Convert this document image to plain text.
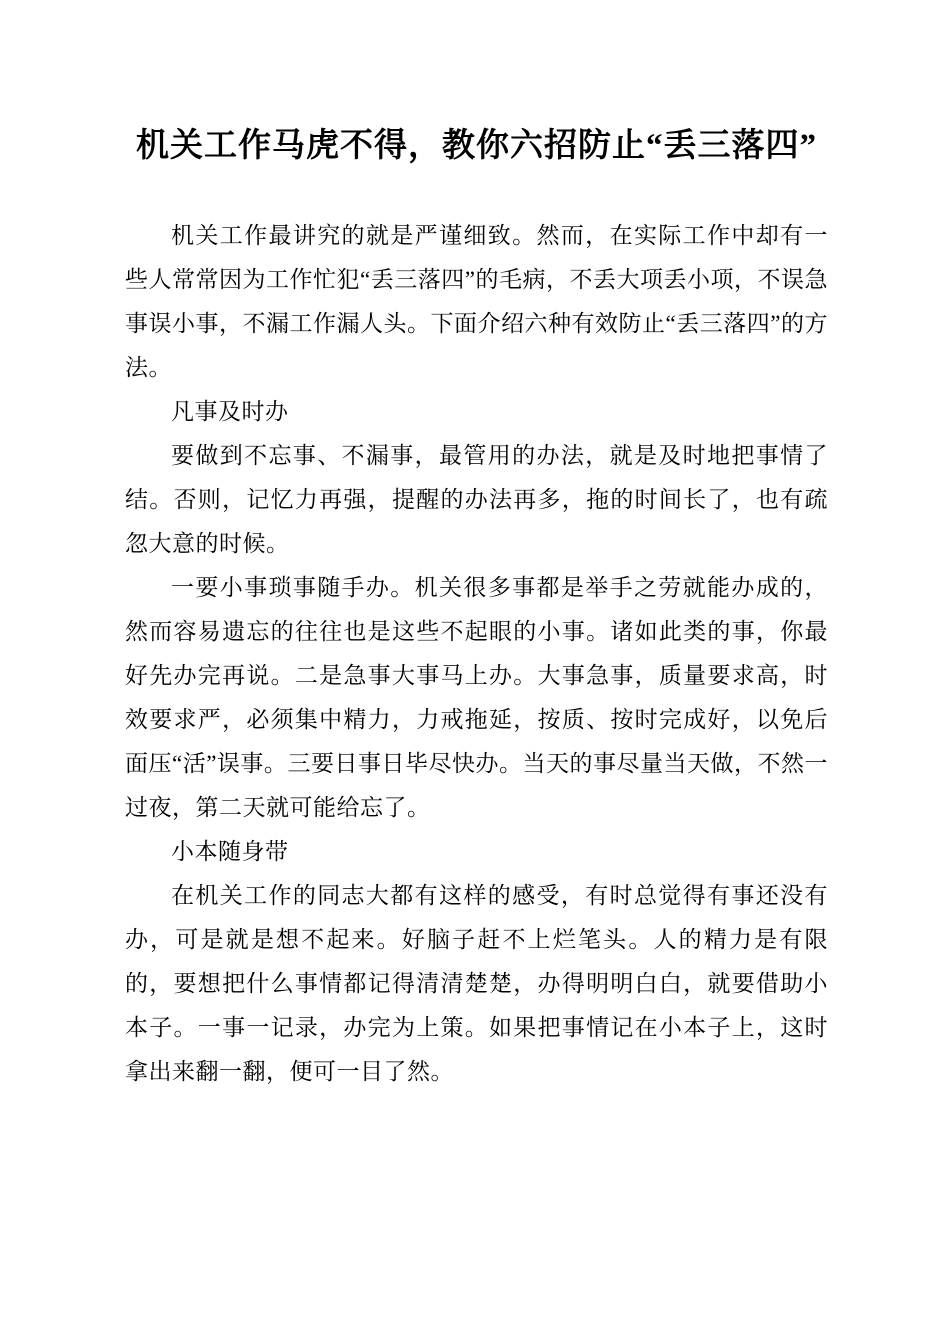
机关工作马虎不得，教你六招防止“丢三落四”

机关工作最讲究的就是严谨细致。然而，在实际工作中却有一些人常常因为工作忙犯“丢三落四”的毛病，不丢大项丢小项，不误急事误小事，不漏工作漏人头。下面介绍六种有效防止“丢三落四”的方法。

凡事及时办

要做到不忘事、不漏事，最管用的办法，就是及时地把事情了结。否则，记忆力再强，提醒的办法再多，拖的时间长了，也有疏忽大意的时候。

一要小事琐事随手办。机关很多事都是举手之劳就能办成的，然而容易遗忘的往往也是这些不起眼的小事。诸如此类的事，你最好先办完再说。二是急事大事马上办。大事急事，质量要求高，时效要求严，必须集中精力，力戒拖延，按质、按时完成好，以免后面压“活”误事。三要日事日毕尽快办。当天的事尽量当天做，不然一过夜，第二天就可能给忘了。

小本随身带

在机关工作的同志大都有这样的感受，有时总觉得有事还没有办，可是就是想不起来。好脑子赶不上烂笔头。人的精力是有限的，要想把什么事情都记得清清楚楚，办得明明白白，就要借助小本子。一事一记录，办完为上策。如果把事情记在小本子上，这时拿出来翻一翻，便可一目了然。
